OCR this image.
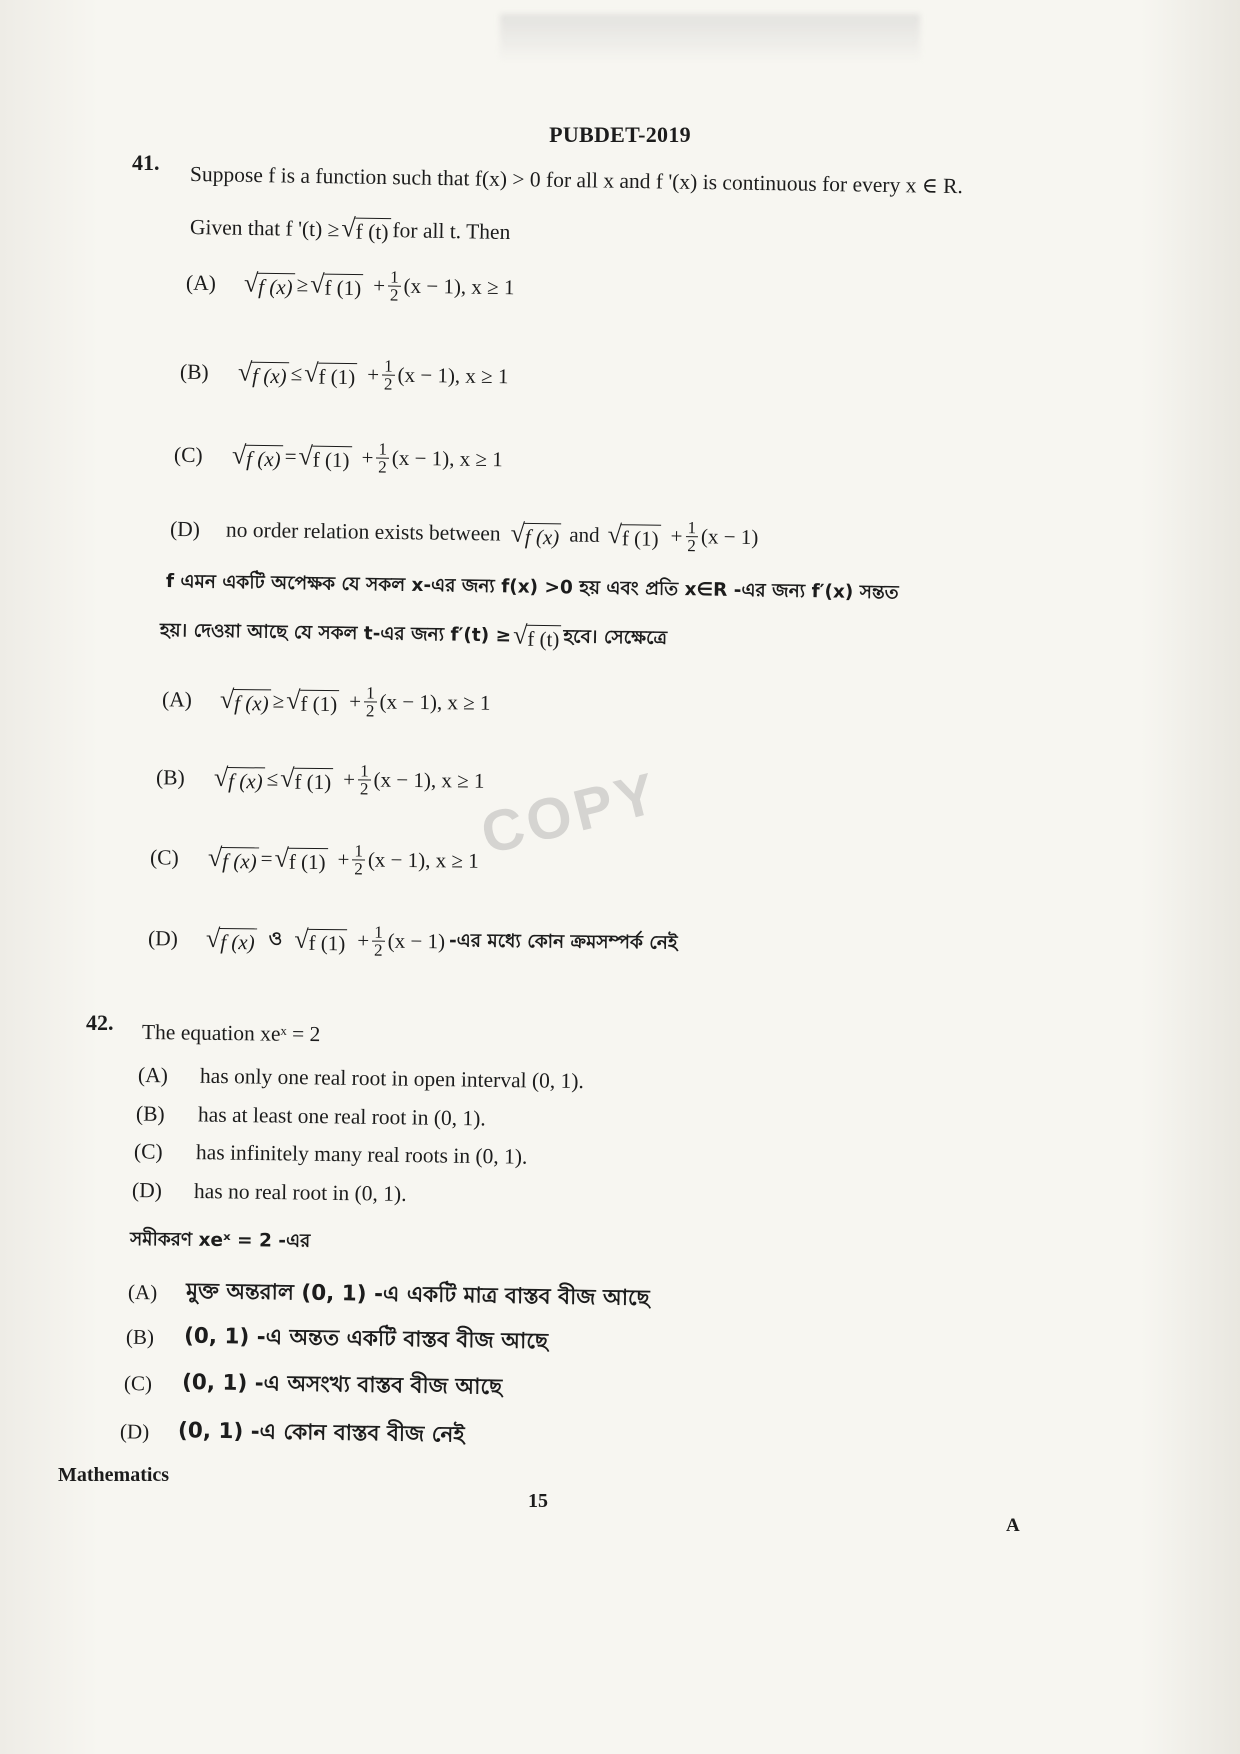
PUBDET-2019
41. Suppose f is a function such that f(x) > 0 for all x and f '(x) is continuous for every x ∈ R.
Given that f '(t) ≥ √ f (t) for all t. Then
(A)	√ f (x) ≥ √ f $(1) + \frac{1}{2} (x - 1)$, x ≥ 1
(B)	√ f (x) ≤ √ f $(1) + \frac{1}{2} (x - 1)$, x ≥ 1
(C)	√ f (x) = √ f $(1) + \frac{1}{2} (x - 1)$, x ≥ 1
(D)	no order relation exists between √ f (x) and √ f $(1) + \frac{1}{2} (x - 1)$
f এমন একটি অপেক্ষক যে সকল x-এর জন্য f(x) >0 হয় এবং প্রতি x∈R -এর জন্য f′(x) সন্তত
হয়। দেওয়া আছে যে সকল t-এর জন্য f′(t) ≥ √ f (t) হবে। সেক্ষেত্রে
(A)	√ f (x) ≥ √ f $(1) + \frac{1}{2} (x - 1)$, x ≥ 1
(B)	√ f (x) ≤ √ f $(1) + \frac{1}{2} (x - 1)$, x ≥ 1
(C)	√ f (x) = √ f $(1) + \frac{1}{2} (x - 1)$, x ≥ 1
(D)	√ f (x) ও √ f $(1) + \frac{1}{2} (x - 1)$ -এর মধ্যে কোন ক্রমসম্পর্ক নেই
COPY
42. The equation xeˣ = 2
(A)	has only one real root in open interval (0, 1).
(B)	has at least one real root in (0, 1).
(C)	has infinitely many real roots in (0, 1).
(D)	has no real root in (0, 1).
সমীকরণ xeˣ = 2 -এর
(A)	মুক্ত অন্তরাল (0, 1) -এ একটি মাত্র বাস্তব বীজ আছে
(B)	(0, 1) -এ অন্তত একটি বাস্তব বীজ আছে
(C)	(0, 1) -এ অসংখ্য বাস্তব বীজ আছে
(D)	(0, 1) -এ কোন বাস্তব বীজ নেই
Mathematics
15
A
